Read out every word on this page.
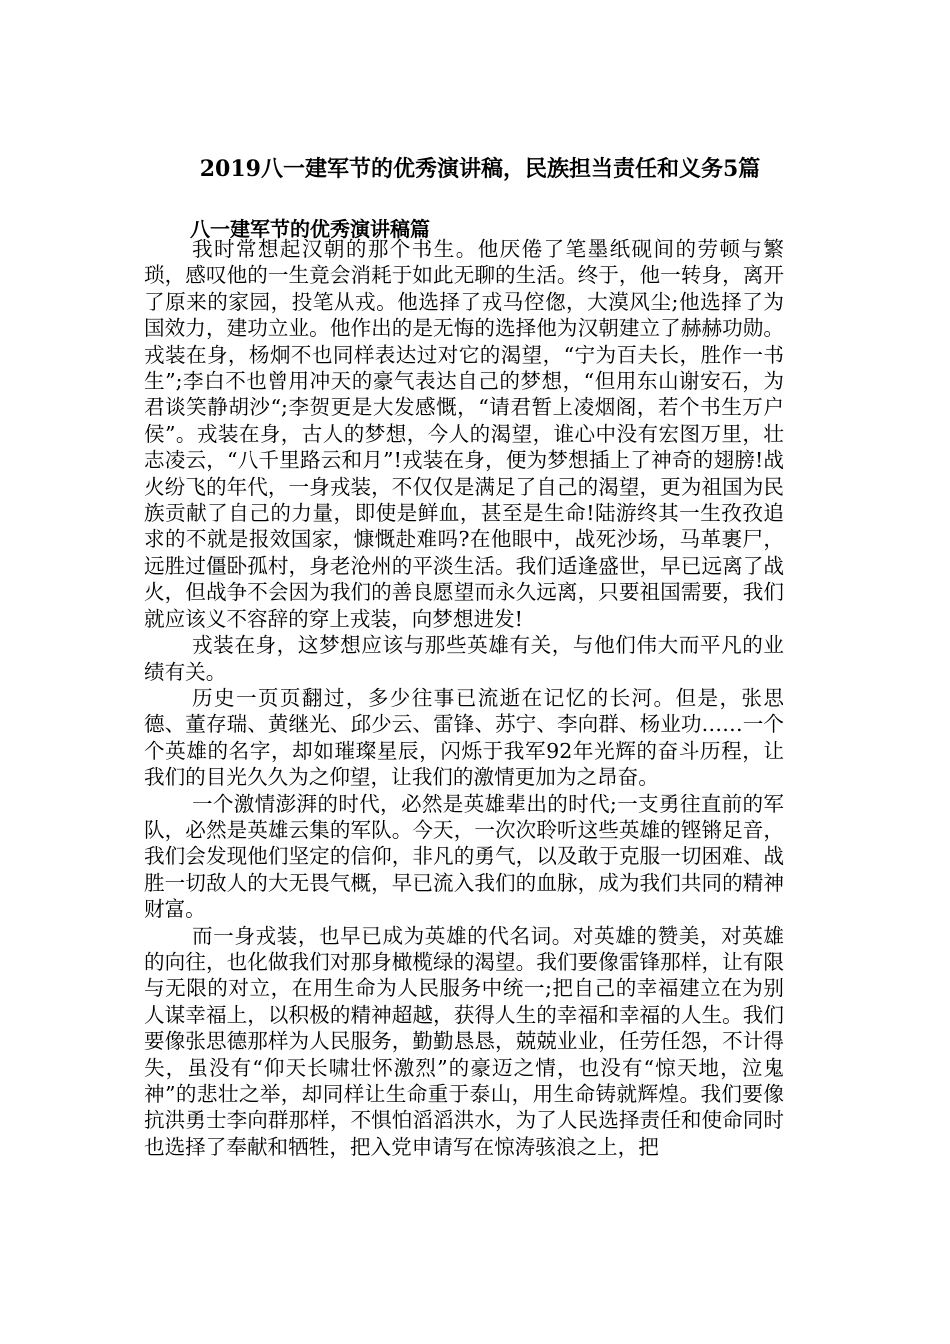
2019八一建军节的优秀演讲稿，民族担当责任和义务5篇
八一建军节的优秀演讲稿篇

我时常想起汉朝的那个书生。他厌倦了笔墨纸砚间的劳顿与繁琐，感叹他的一生竟会消耗于如此无聊的生活。终于，他一转身，离开了原来的家园，投笔从戎。他选择了戎马倥偬，大漠风尘;他选择了为国效力，建功立业。他作出的是无悔的选择他为汉朝建立了赫赫功勋。戎装在身，杨炯不也同样表达过对它的渴望，“宁为百夫长，胜作一书生”;李白不也曾用冲天的豪气表达自己的梦想，“但用东山谢安石，为君谈笑静胡沙“;李贺更是大发感慨，“请君暂上凌烟阁，若个书生万户侯”。戎装在身，古人的梦想，今人的渴望，谁心中没有宏图万里，壮志凌云，“八千里路云和月”!戎装在身，便为梦想插上了神奇的翅膀!战火纷飞的年代，一身戎装，不仅仅是满足了自己的渴望，更为祖国为民族贡献了自己的力量，即使是鲜血，甚至是生命!陆游终其一生孜孜追求的不就是报效国家，慷慨赴难吗?在他眼中，战死沙场，马革裹尸，远胜过僵卧孤村，身老沧州的平淡生活。我们适逢盛世，早已远离了战火，但战争不会因为我们的善良愿望而永久远离，只要祖国需要，我们就应该义不容辞的穿上戎装，向梦想进发!

戎装在身，这梦想应该与那些英雄有关，与他们伟大而平凡的业绩有关。

历史一页页翻过，多少往事已流逝在记忆的长河。但是，张思德、董存瑞、黄继光、邱少云、雷锋、苏宁、李向群、杨业功……一个个英雄的名字，却如璀璨星辰，闪烁于我军92年光辉的奋斗历程，让我们的目光久久为之仰望，让我们的激情更加为之昂奋。

一个激情澎湃的时代，必然是英雄辈出的时代;一支勇往直前的军队，必然是英雄云集的军队。今天，一次次聆听这些英雄的铿锵足音，我们会发现他们坚定的信仰，非凡的勇气，以及敢于克服一切困难、战胜一切敌人的大无畏气概，早已流入我们的血脉，成为我们共同的精神财富。

而一身戎装，也早已成为英雄的代名词。对英雄的赞美，对英雄的向往，也化做我们对那身橄榄绿的渴望。我们要像雷锋那样，让有限与无限的对立，在用生命为人民服务中统一;把自己的幸福建立在为别人谋幸福上，以积极的精神超越，获得人生的幸福和幸福的人生。我们要像张思德那样为人民服务，勤勤恳恳，兢兢业业，任劳任怨，不计得失，虽没有“仰天长啸壮怀激烈”的豪迈之情，也没有“惊天地，泣鬼神”的悲壮之举，却同样让生命重于泰山，用生命铸就辉煌。我们要像抗洪勇士李向群那样，不惧怕滔滔洪水，为了人民选择责任和使命同时也选择了奉献和牺牲，把入党申请写在惊涛骇浪之上，把
